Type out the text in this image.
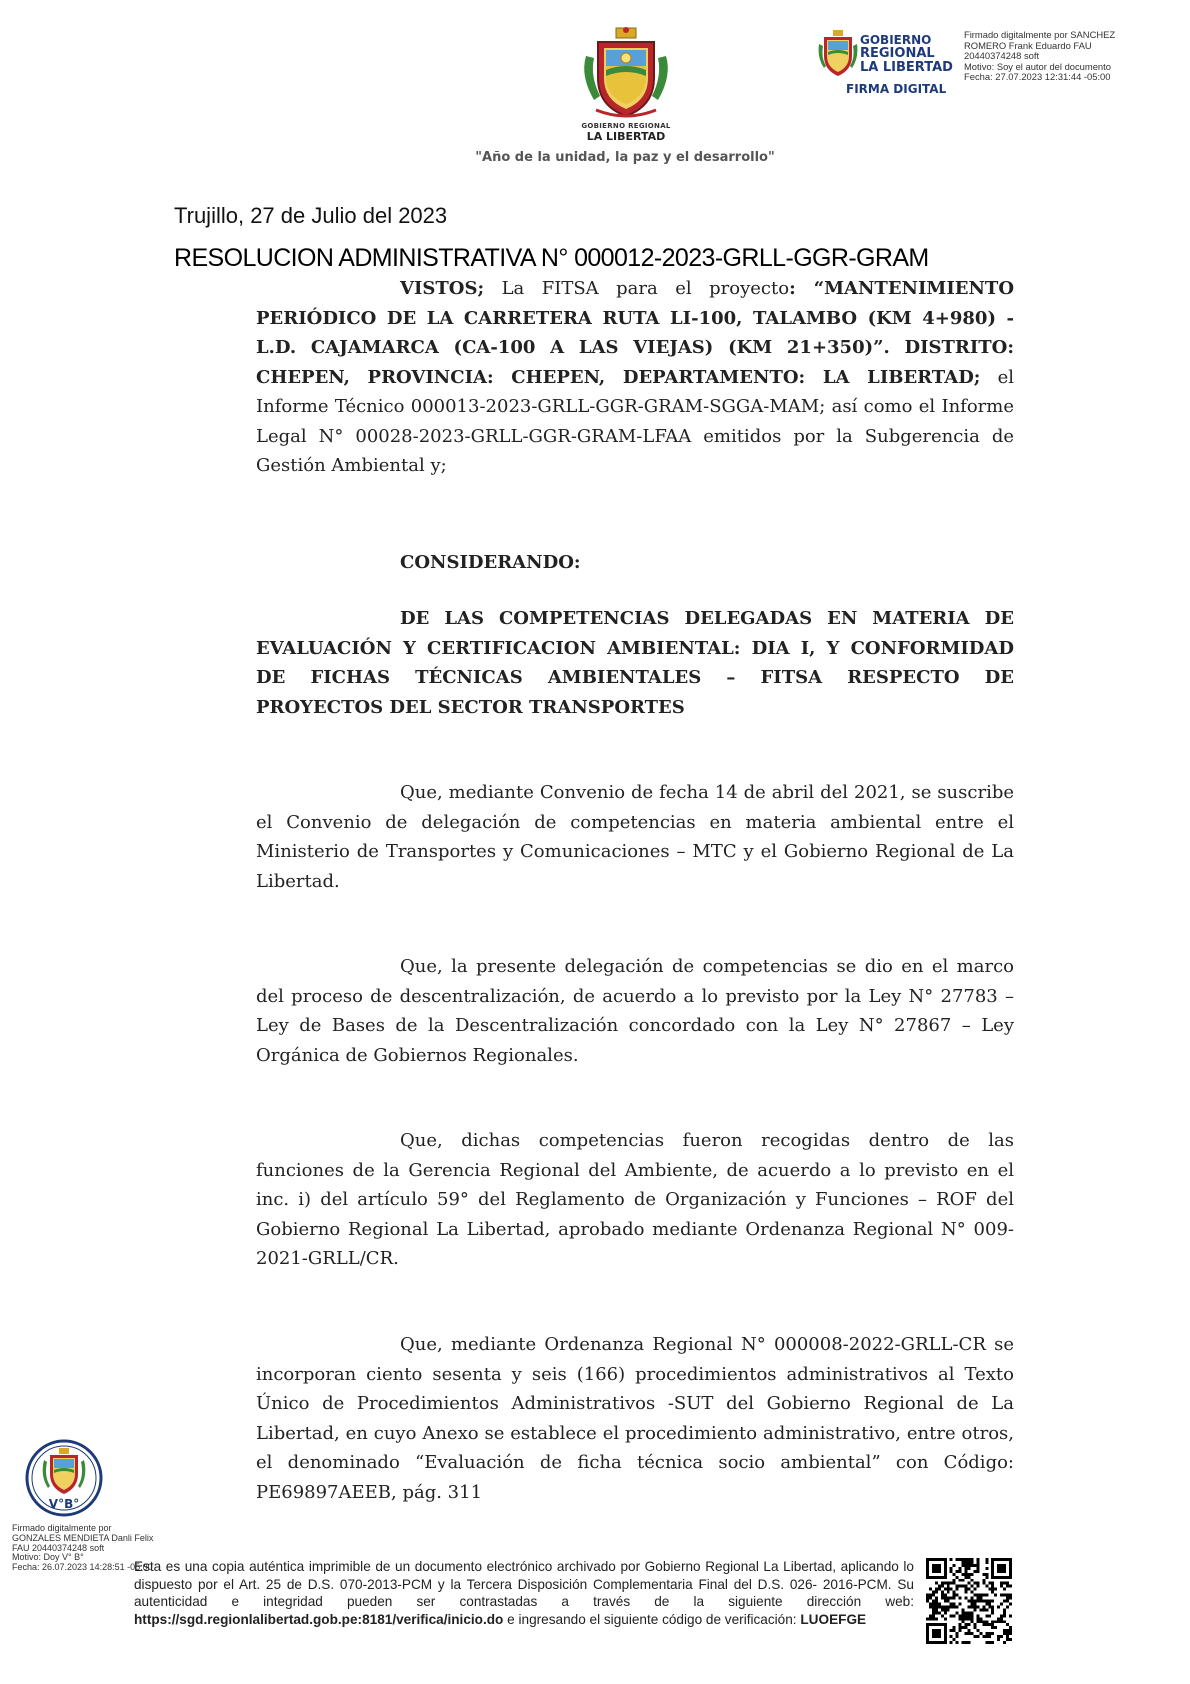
GOBIERNO REGIONAL
LA LIBERTAD
"Año de la unidad, la paz y el desarrollo"
GOBIERNO
REGIONAL
LA LIBERTAD
FIRMA DIGITAL
Firmado digitalmente por SANCHEZ
ROMERO Frank Eduardo FAU
20440374248 soft
Motivo: Soy el autor del documento
Fecha: 27.07.2023 12:31:44 -05:00
Trujillo, 27 de Julio del 2023
RESOLUCION ADMINISTRATIVA N° 000012-2023-GRLL-GGR-GRAM
VISTOS; La FITSA para el proyecto: “MANTENIMIENTO PERIÓDICO DE LA CARRETERA RUTA LI-100, TALAMBO (KM 4+980) - L.D. CAJAMARCA (CA-100 A LAS VIEJAS) (KM 21+350)”. DISTRITO: CHEPEN, PROVINCIA: CHEPEN, DEPARTAMENTO: LA LIBERTAD; el Informe Técnico 000013-2023-GRLL-GGR-GRAM-SGGA-MAM; así como el Informe Legal N° 00028-2023-GRLL-GGR-GRAM-LFAA emitidos por la Subgerencia de Gestión Ambiental y;
CONSIDERANDO:
DE LAS COMPETENCIAS DELEGADAS EN MATERIA DE EVALUACIÓN Y CERTIFICACION AMBIENTAL: DIA I, Y CONFORMIDAD DE FICHAS TÉCNICAS AMBIENTALES – FITSA RESPECTO DE PROYECTOS DEL SECTOR TRANSPORTES
Que, mediante Convenio de fecha 14 de abril del 2021, se suscribe el Convenio de delegación de competencias en materia ambiental entre el Ministerio de Transportes y Comunicaciones – MTC y el Gobierno Regional de La Libertad.
Que, la presente delegación de competencias se dio en el marco del proceso de descentralización, de acuerdo a lo previsto por la Ley N° 27783 – Ley de Bases de la Descentralización concordado con la Ley N° 27867 – Ley Orgánica de Gobiernos Regionales.
Que, dichas competencias fueron recogidas dentro de las funciones de la Gerencia Regional del Ambiente, de acuerdo a lo previsto en el inc. i) del artículo 59° del Reglamento de Organización y Funciones – ROF del Gobierno Regional La Libertad, aprobado mediante Ordenanza Regional N° 009-2021-GRLL/CR.
Que, mediante Ordenanza Regional N° 000008-2022-GRLL-CR se incorporan ciento sesenta y seis (166) procedimientos administrativos al Texto Único de Procedimientos Administrativos -SUT del Gobierno Regional de La Libertad, en cuyo Anexo se establece el procedimiento administrativo, entre otros, el denominado “Evaluación de ficha técnica socio ambiental” con Código: PE69897AEEB, pág. 311
V°B°
Firmado digitalmente por
GONZALES MENDIETA Danli Felix
FAU 20440374248 soft
Motivo: Doy V° B°
Fecha: 26.07.2023 14:28:51 -05:00
Esta es una copia auténtica imprimible de un documento electrónico archivado por Gobierno Regional La Libertad, aplicando lo dispuesto por el Art. 25 de D.S. 070-2013-PCM y la Tercera Disposición Complementaria Final del D.S. 026- 2016-PCM. Su autenticidad e integridad pueden ser contrastadas a través de la siguiente dirección web: https://sgd.regionlalibertad.gob.pe:8181/verifica/inicio.do e ingresando el siguiente código de verificación: LUOEFGE
